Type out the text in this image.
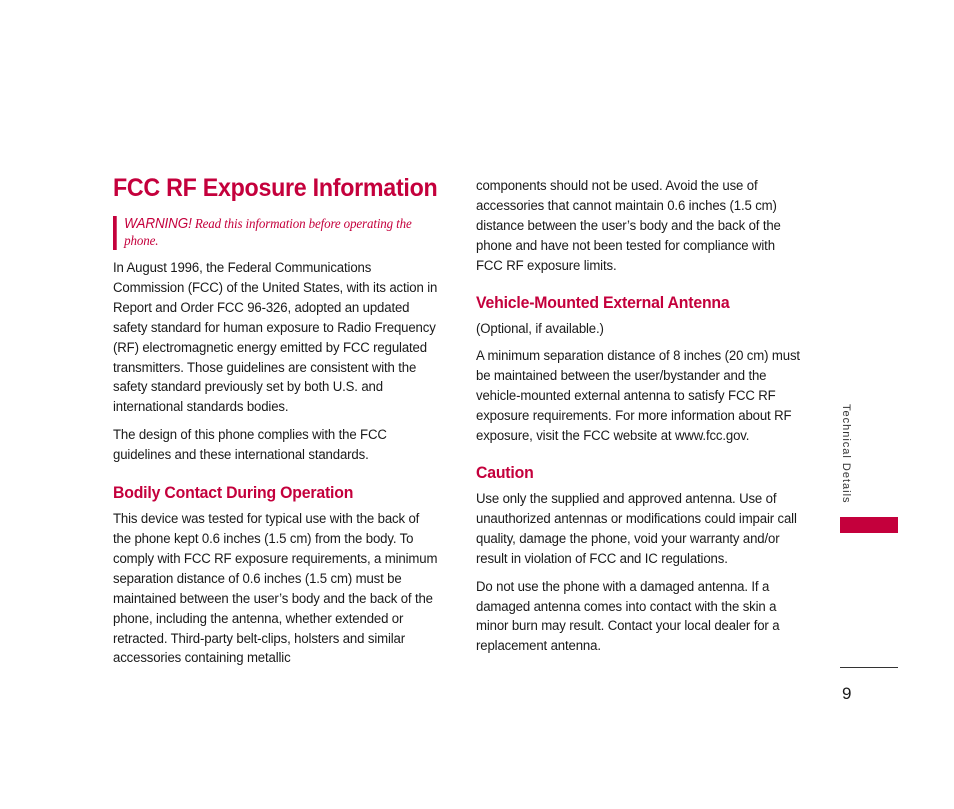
FCC RF Exposure Information
WARNING! Read this information before operating the phone.

In August 1996, the Federal Communications Commission (FCC) of the United States, with its action in Report and Order FCC 96-326, adopted an updated safety standard for human exposure to Radio Frequency (RF) electromagnetic energy emitted by FCC regulated transmitters. Those guidelines are consistent with the safety standard previously set by both U.S. and international standards bodies.

The design of this phone complies with the FCC guidelines and these international standards.

Bodily Contact During Operation

This device was tested for typical use with the back of the phone kept 0.6 inches (1.5 cm) from the body. To comply with FCC RF exposure requirements, a minimum separation distance of 0.6 inches (1.5 cm) must be maintained between the user’s body and the back of the phone, including the antenna, whether extended or retracted. Third-party belt-clips, holsters and similar accessories containing metallic

components should not be used. Avoid the use of accessories that cannot maintain 0.6 inches (1.5 cm) distance between the user’s body and the back of the phone and have not been tested for compliance with FCC RF exposure limits.

Vehicle-Mounted External Antenna

(Optional, if available.)

A minimum separation distance of 8 inches (20 cm) must be maintained between the user/bystander and the vehicle-mounted external antenna to satisfy FCC RF exposure requirements. For more information about RF exposure, visit the FCC website at www.fcc.gov.

Caution

Use only the supplied and approved antenna. Use of unauthorized antennas or modifications could impair call quality, damage the phone, void your warranty and/or result in violation of FCC and IC regulations.

Do not use the phone with a damaged antenna. If a damaged antenna comes into contact with the skin a minor burn may result. Contact your local dealer for a replacement antenna.

Technical Details
9
